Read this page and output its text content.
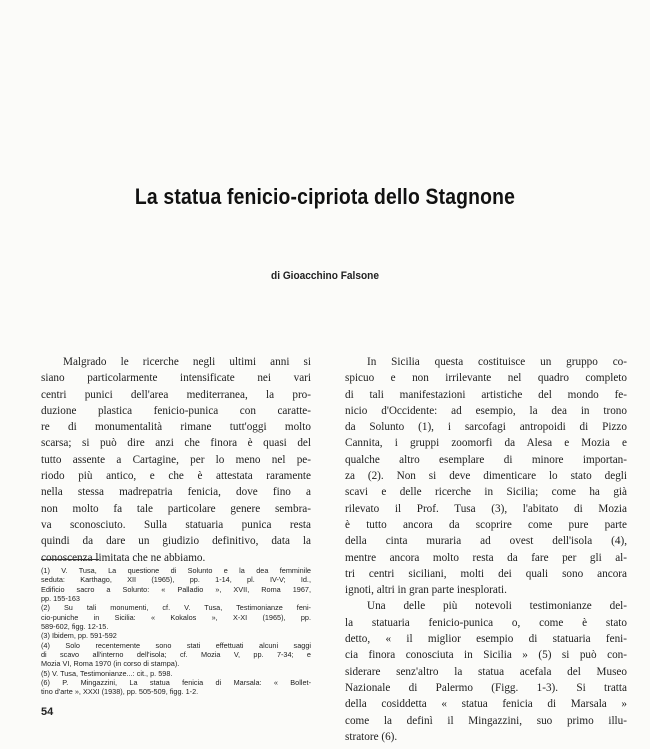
La statua fenicio-cipriota dello Stagnone
di Gioacchino Falsone
Malgrado le ricerche negli ultimi anni si
siano particolarmente intensificate nei vari
centri punici dell'area mediterranea, la pro-
duzione plastica fenicio-punica con caratte-
re di monumentalità rimane tutt'oggi molto
scarsa; si può dire anzi che finora è quasi del
tutto assente a Cartagine, per lo meno nel pe-
riodo più antico, e che è attestata raramente
nella stessa madrepatria fenicia, dove fino a
non molto fa tale particolare genere sembra-
va sconosciuto. Sulla statuaria punica resta
quindi da dare un giudizio definitivo, data la
conoscenza limitata che ne abbiamo.
In Sicilia questa costituisce un gruppo co-
spicuo e non irrilevante nel quadro completo
di tali manifestazioni artistiche del mondo fe-
nicio d'Occidente: ad esempio, la dea in trono
da Solunto (1), i sarcofagi antropoidi di Pizzo
Cannita, i gruppi zoomorfi da Alesa e Mozia e
qualche altro esemplare di minore importan-
za (2). Non si deve dimenticare lo stato degli
scavi e delle ricerche in Sicilia; come ha già
rilevato il Prof. Tusa (3), l'abitato di Mozia
è tutto ancora da scoprire come pure parte
della cinta muraria ad ovest dell'isola (4),
mentre ancora molto resta da fare per gli al-
tri centri siciliani, molti dei quali sono ancora
ignoti, altri in gran parte inesplorati.
Una delle più notevoli testimonianze del-
la statuaria fenicio-punica o, come è stato
detto, « il miglior esempio di statuaria feni-
cia finora conosciuta in Sicilia » (5) si può con-
siderare senz'altro la statua acefala del Museo
Nazionale di Palermo (Figg. 1-3). Si tratta
della cosiddetta « statua fenicia di Marsala »
come la definì il Mingazzini, suo primo illu-
stratore (6).
(1) V. Tusa, La questione di Solunto e la dea femminile
seduta: Karthago, XII (1965), pp. 1-14, pl. IV-V; Id.,
Edificio sacro a Solunto: « Palladio », XVII, Roma 1967,
pp. 155-163
(2) Su tali monumenti, cf. V. Tusa, Testimonianze feni-
cio-puniche in Sicilia: « Kokalos », X-XI (1965), pp.
589-602, figg. 12-15.
(3) Ibidem, pp. 591-592
(4) Solo recentemente sono stati effettuati alcuni saggi
di scavo all'interno dell'isola; cf. Mozia V, pp. 7-34; e
Mozia VI, Roma 1970 (in corso di stampa).
(5) V. Tusa, Testimonianze...: cit., p. 598.
(6) P. Mingazzini, La statua fenicia di Marsala: « Bollet-
tino d'arte », XXXI (1938), pp. 505-509, figg. 1-2.
54
